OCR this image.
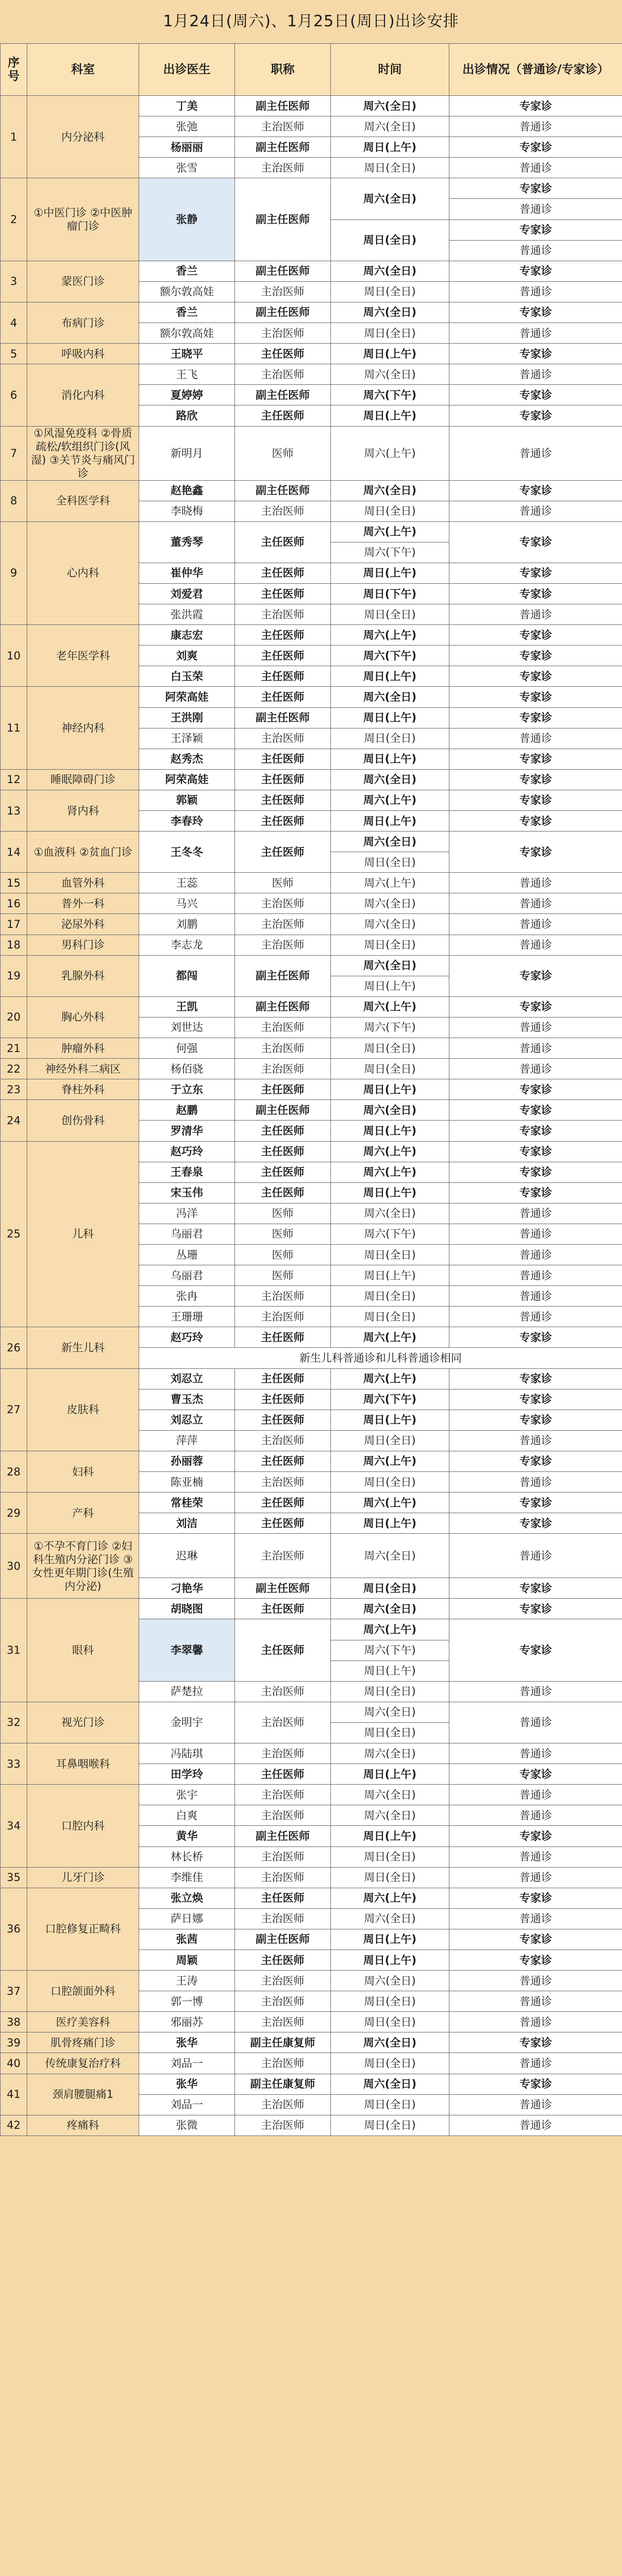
1月24日(周六)、1月25日(周日)出诊安排
序号	科室	出诊医生	职称	时间	出诊情况（普通诊/专家诊）
1	内分泌科	丁美	副主任医师	周六(全日)	专家诊
		张弛	主治医师	周六(全日)	普通诊
		杨丽丽	副主任医师	周日(上午)	专家诊
		张雪	主治医师	周日(全日)	普通诊
2	①中医门诊 ②中医肿瘤门诊	张静	副主任医师	周六(全日)	专家诊
					普通诊
				周日(全日)	专家诊
					普通诊
3	蒙医门诊	香兰	副主任医师	周六(全日)	专家诊
		额尔敦高娃	主治医师	周日(全日)	普通诊
4	布病门诊	香兰	副主任医师	周六(全日)	专家诊
		额尔敦高娃	主治医师	周日(全日)	普通诊
5	呼吸内科	王晓平	主任医师	周日(上午)	专家诊
6	消化内科	王飞	主治医师	周六(全日)	普通诊
		夏婷婷	副主任医师	周六(下午)	专家诊
		路欣	主任医师	周日(上午)	专家诊
7	①风湿免疫科 ②骨质疏松/软组织门诊(风湿) ③关节炎与痛风门诊	新明月	医师	周六(上午)	普通诊
8	全科医学科	赵艳鑫	副主任医师	周六(全日)	专家诊
		李晓梅	主治医师	周日(全日)	普通诊
9	心内科	董秀琴	主任医师	周六(上午)	专家诊
				周六(下午)	
		崔仲华	主任医师	周日(上午)	专家诊
		刘爱君	主任医师	周日(下午)	专家诊
		张洪霞	主治医师	周日(全日)	普通诊
10	老年医学科	康志宏	主任医师	周六(上午)	专家诊
		刘爽	主任医师	周六(下午)	专家诊
		白玉荣	主任医师	周日(上午)	专家诊
11	神经内科	阿荣高娃	主任医师	周六(全日)	专家诊
		王洪刚	副主任医师	周日(上午)	专家诊
		王泽颖	主治医师	周日(全日)	普通诊
		赵秀杰	主任医师	周日(上午)	专家诊
12	睡眠障碍门诊	阿荣高娃	主任医师	周六(全日)	专家诊
13	肾内科	郭颖	主任医师	周六(上午)	专家诊
		李春玲	主任医师	周日(上午)	专家诊
14	①血液科 ②贫血门诊	王冬冬	主任医师	周六(全日)	专家诊
				周日(全日)	
15	血管外科	王蕊	医师	周六(上午)	普通诊
16	普外一科	马兴	主治医师	周六(全日)	普通诊
17	泌尿外科	刘鹏	主治医师	周六(全日)	普通诊
18	男科门诊	李志龙	主治医师	周日(全日)	普通诊
19	乳腺外科	都闯	副主任医师	周六(全日)	专家诊
				周日(上午)	
20	胸心外科	王凯	副主任医师	周六(上午)	专家诊
		刘世达	主治医师	周六(下午)	普通诊
21	肿瘤外科	何强	主治医师	周日(全日)	普通诊
22	神经外科二病区	杨佰骁	主治医师	周日(全日)	普通诊
23	脊柱外科	于立东	主任医师	周日(上午)	专家诊
24	创伤骨科	赵鹏	副主任医师	周六(全日)	专家诊
		罗清华	主任医师	周日(上午)	专家诊
25	儿科	赵巧玲	主任医师	周六(上午)	专家诊
		王春泉	主任医师	周六(上午)	专家诊
		宋玉伟	主任医师	周日(上午)	专家诊
		冯洋	医师	周六(全日)	普通诊
		乌丽君	医师	周六(下午)	普通诊
		丛珊	医师	周日(全日)	普通诊
		乌丽君	医师	周日(上午)	普通诊
		张冉	主治医师	周日(全日)	普通诊
		王珊珊	主治医师	周日(全日)	普通诊
26	新生儿科	赵巧玲	主任医师	周六(上午)	专家诊
		新生儿科普通诊和儿科普通诊相同			
27	皮肤科	刘忍立	主任医师	周六(上午)	专家诊
		曹玉杰	主任医师	周六(下午)	专家诊
		刘忍立	主任医师	周日(上午)	专家诊
		萍萍	主治医师	周日(全日)	普通诊
28	妇科	孙丽蓉	主任医师	周六(上午)	专家诊
		陈亚楠	主治医师	周日(全日)	普通诊
29	产科	常桂荣	主任医师	周六(上午)	专家诊
		刘洁	主任医师	周日(上午)	专家诊
30	①不孕不育门诊 ②妇科生殖内分泌门诊 ③女性更年期门诊(生殖内分泌)	迟琳	主治医师	周六(全日)	普通诊
		刁艳华	副主任医师	周日(全日)	专家诊
31	眼科	胡晓图	主任医师	周六(全日)	专家诊
		李翠馨	主任医师	周六(上午)	专家诊
				周六(下午)	
				周日(上午)	
		萨楚拉	主治医师	周日(全日)	普通诊
32	视光门诊	金明宇	主治医师	周六(全日)	普通诊
				周日(全日)	
33	耳鼻咽喉科	冯陆琪	主治医师	周六(全日)	普通诊
		田学玲	主任医师	周日(上午)	专家诊
34	口腔内科	张宇	主治医师	周六(全日)	普通诊
		白爽	主治医师	周六(全日)	普通诊
		黄华	副主任医师	周日(上午)	专家诊
		林长桥	主治医师	周日(全日)	普通诊
35	儿牙门诊	李维佳	主治医师	周日(全日)	普通诊
36	口腔修复正畸科	张立焕	主任医师	周六(上午)	专家诊
		萨日娜	主治医师	周六(全日)	普通诊
		张茜	副主任医师	周日(上午)	专家诊
		周颖	主任医师	周日(上午)	专家诊
37	口腔颌面外科	王涛	主治医师	周六(全日)	普通诊
		郭一博	主治医师	周日(全日)	普通诊
38	医疗美容科	邪丽苏	主治医师	周日(全日)	普通诊
39	肌骨疼痛门诊	张华	副主任康复师	周六(全日)	专家诊
40	传统康复治疗科	刘品一	主治医师	周日(全日)	普通诊
41	颈肩腰腿痛1	张华	副主任康复师	周六(全日)	专家诊
		刘品一	主治医师	周日(全日)	普通诊
42	疼痛科	张微	主治医师	周日(全日)	普通诊
